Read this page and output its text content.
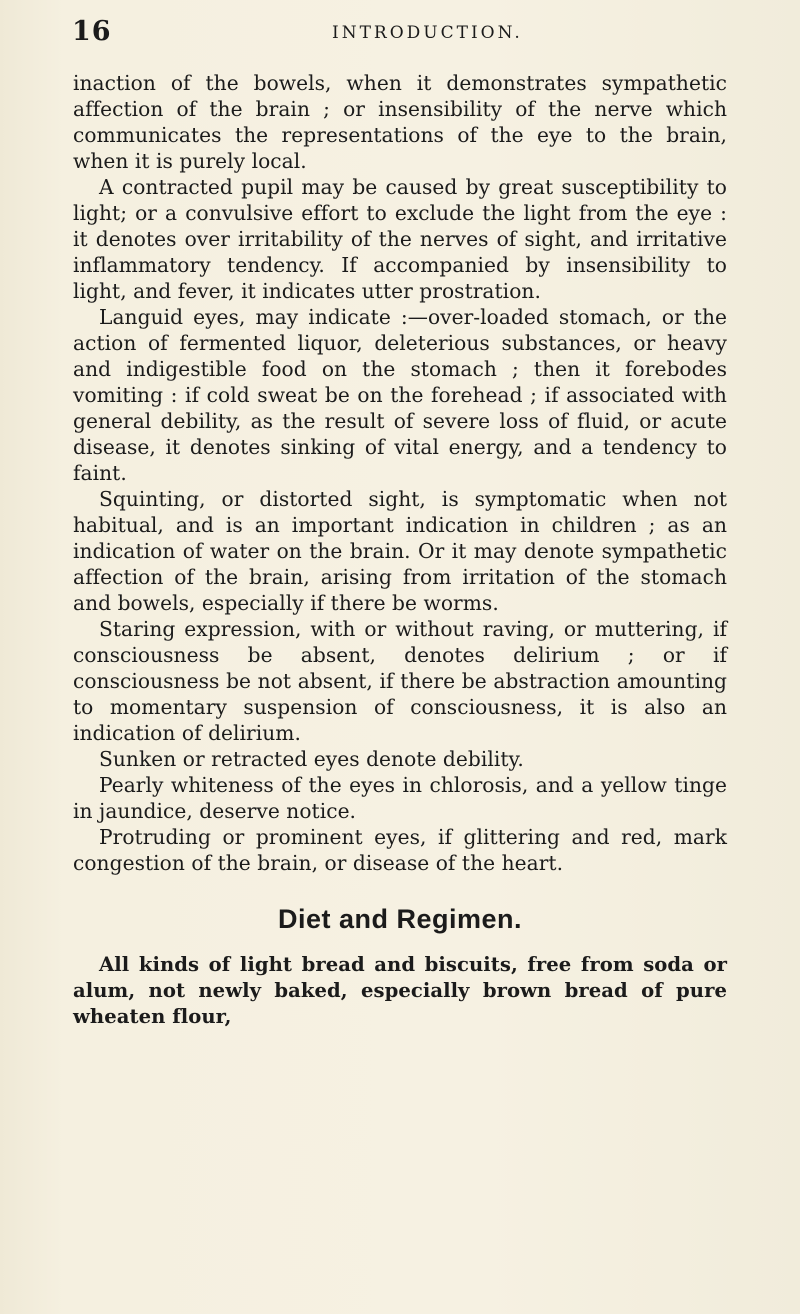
16	INTRODUCTION.

inaction of the bowels, when it demonstrates sympathetic affection of the brain ; or insensibility of the nerve which communicates the representations of the eye to the brain, when it is purely local.

A contracted pupil may be caused by great susceptibility to light; or a convulsive effort to exclude the light from the eye : it denotes over irritability of the nerves of sight, and irritative inflammatory tendency. If accompanied by insensibility to light, and fever, it indicates utter prostration.

Languid eyes, may indicate :—over-loaded stomach, or the action of fermented liquor, deleterious substances, or heavy and indigestible food on the stomach ; then it forebodes vomiting : if cold sweat be on the forehead ; if associated with general debility, as the result of severe loss of fluid, or acute disease, it denotes sinking of vital energy, and a tendency to faint.

Squinting, or distorted sight, is symptomatic when not habitual, and is an important indication in children ; as an indication of water on the brain. Or it may denote sympathetic affection of the brain, arising from irritation of the stomach and bowels, especially if there be worms.

Staring expression, with or without raving, or muttering, if consciousness be absent, denotes delirium ; or if consciousness be not absent, if there be abstraction amounting to momentary suspension of consciousness, it is also an indication of delirium.

Sunken or retracted eyes denote debility.

Pearly whiteness of the eyes in chlorosis, and a yellow tinge in jaundice, deserve notice.

Protruding or prominent eyes, if glittering and red, mark congestion of the brain, or disease of the heart.

Diet and Regimen.

All kinds of light bread and biscuits, free from soda or alum, not newly baked, especially brown bread of pure wheaten flour,
